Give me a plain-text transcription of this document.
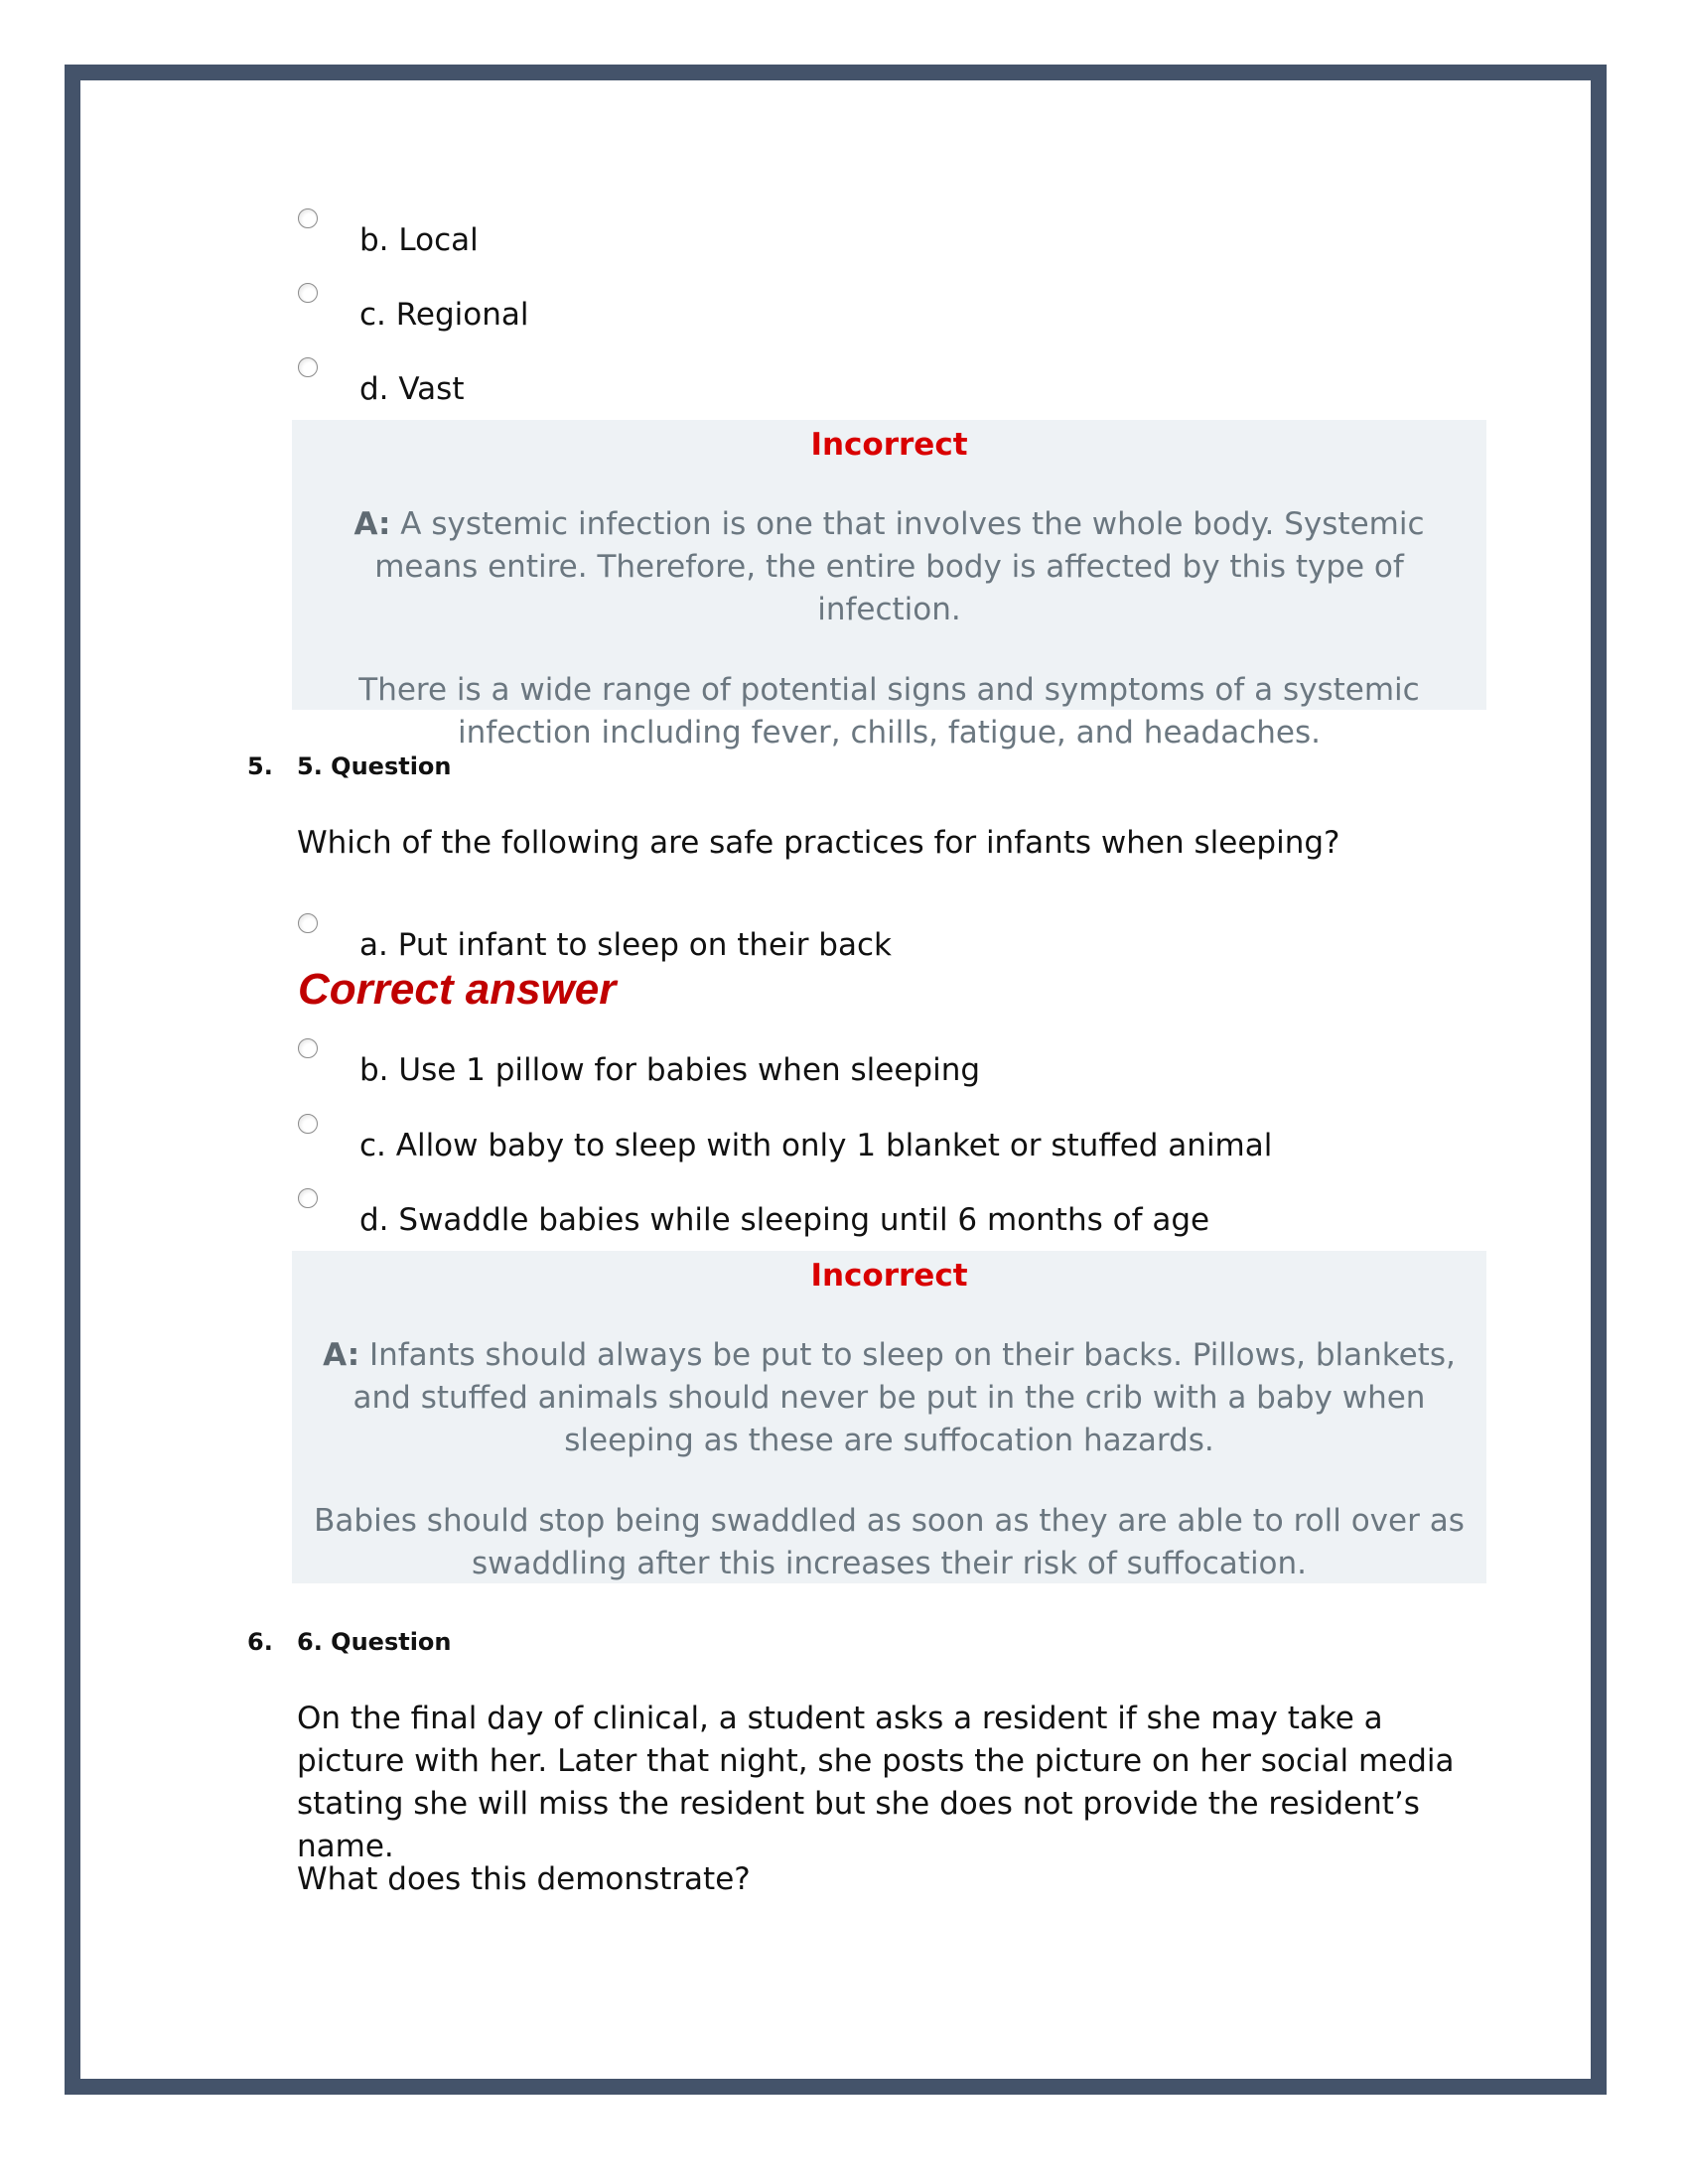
b. Local
c. Regional
d. Vast
Incorrect

A: A systemic infection is one that involves the whole body. Systemic means entire. Therefore, the entire body is affected by this type of infection.

There is a wide range of potential signs and symptoms of a systemic infection including fever, chills, fatigue, and headaches.

5. 5. Question
Which of the following are safe practices for infants when sleeping?
a. Put infant to sleep on their back
Correct answer
b. Use 1 pillow for babies when sleeping
c. Allow baby to sleep with only 1 blanket or stuffed animal
d. Swaddle babies while sleeping until 6 months of age
Incorrect

A: Infants should always be put to sleep on their backs. Pillows, blankets, and stuffed animals should never be put in the crib with a baby when sleeping as these are suffocation hazards.

Babies should stop being swaddled as soon as they are able to roll over as swaddling after this increases their risk of suffocation.

6. 6. Question
On the final day of clinical, a student asks a resident if she may take a picture with her. Later that night, she posts the picture on her social media stating she will miss the resident but she does not provide the resident’s name.
What does this demonstrate?
